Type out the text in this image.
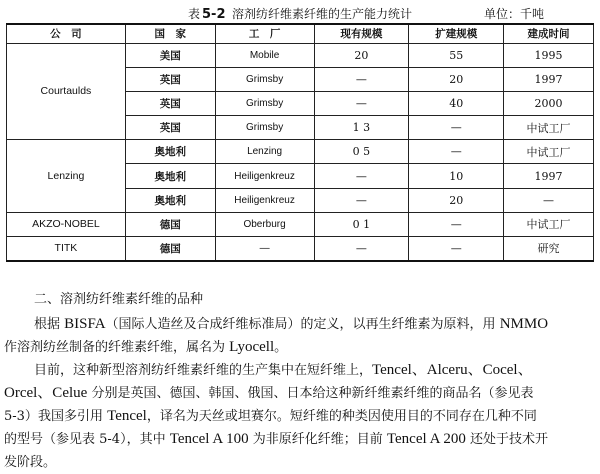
表 5-2 溶剂纺纤维素纤维的生产能力统计	单位：千吨
公　司	国　家	工　厂	现有规模	扩建规模	建成时间
Courtaulds	美国	Mobile	20	55	1995
	英国	Grimsby	—	20	1997
	英国	Grimsby	—	40	2000
	英国	Grimsby	1 3	—	中试工厂
Lenzing	奥地利	Lenzing	0 5	—	中试工厂
	奥地利	Heiligenkreuz	—	10	1997
	奥地利	Heiligenkreuz	—	20	—
AKZO-NOBEL	德国	Oberburg	0 1	—	中试工厂
TITK	德国	—	—	—	研究
二、溶剂纺纤维素纤维的品种
根据 BISFA（国际人造丝及合成纤维标准局）的定义，以再生纤维素为原料，用 NMMO
作溶剂纺丝制备的纤维素纤维，属名为 Lyocell。
目前，这种新型溶剂纺纤维素纤维的生产集中在短纤维上，Tencel、Alceru、Cocel、
Orcel、Celue 分别是英国、德国、韩国、俄国、日本给这种新纤维素纤维的商品名（参见表
5-3）我国多引用 Tencel，译名为天丝或坦赛尔。短纤维的种类因使用目的不同存在几种不同
的型号（参见表 5-4），其中 Tencel A 100 为非原纤化纤维；目前 Tencel A 200 还处于技术开
发阶段。
